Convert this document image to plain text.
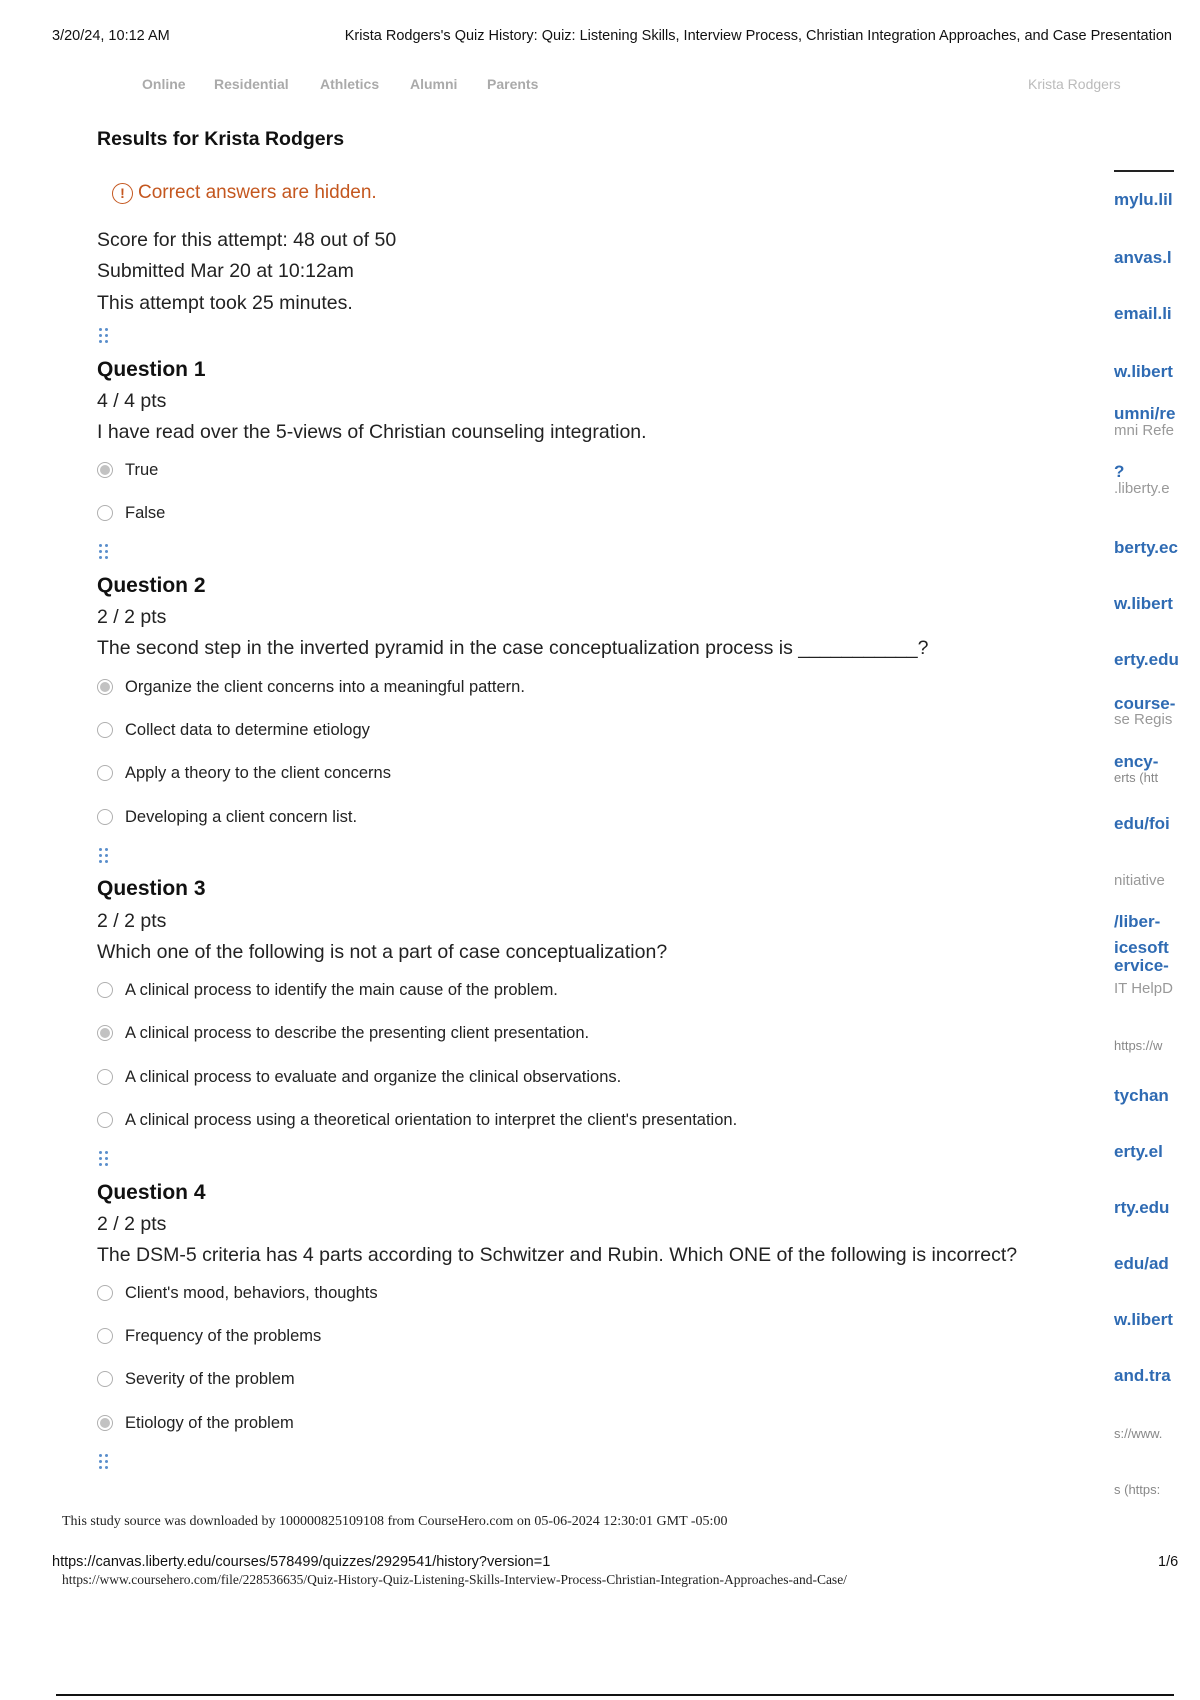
3/20/24, 10:12 AM	Krista Rodgers's Quiz History: Quiz: Listening Skills, Interview Process, Christian Integration Approaches, and Case Presentation
Online Residential Athletics Alumni Parents	Krista Rodgers
Results for Krista Rodgers
! Correct answers are hidden.
Score for this attempt: 48 out of 50
Submitted Mar 20 at 10:12am
This attempt took 25 minutes.
Question 1
4 / 4 pts
I have read over the 5-views of Christian counseling integration.
True
False
Question 2
2 / 2 pts
The second step in the inverted pyramid in the case conceptualization process is ___________?
Organize the client concerns into a meaningful pattern.
Collect data to determine etiology
Apply a theory to the client concerns
Developing a client concern list.
Question 3
2 / 2 pts
Which one of the following is not a part of case conceptualization?
A clinical process to identify the main cause of the problem.
A clinical process to describe the presenting client presentation.
A clinical process to evaluate and organize the clinical observations.
A clinical process using a theoretical orientation to interpret the client's presentation.
Question 4
2 / 2 pts
The DSM-5 criteria has 4 parts according to Schwitzer and Rubin. Which ONE of the following is incorrect?
Client's mood, behaviors, thoughts
Frequency of the problems
Severity of the problem
Etiology of the problem
mylu.lil
anvas.l
email.li
w.libert
umni/re
mni Refe
?
.liberty.e
berty.ec
w.libert
erty.edu
course-
se Regis
ency-
erts (htt
edu/foi
nitiative
/liber-
icesoft
ervice-
IT HelpD
https://w
tychan
erty.el
rty.edu
edu/ad
w.libert
and.tra
s://www.
s (https:
This study source was downloaded by 100000825109108 from CourseHero.com on 05-06-2024 12:30:01 GMT -05:00
https://canvas.liberty.edu/courses/578499/quizzes/2929541/history?version=1	1/6
https://www.coursehero.com/file/228536635/Quiz-History-Quiz-Listening-Skills-Interview-Process-Christian-Integration-Approaches-and-Case/
